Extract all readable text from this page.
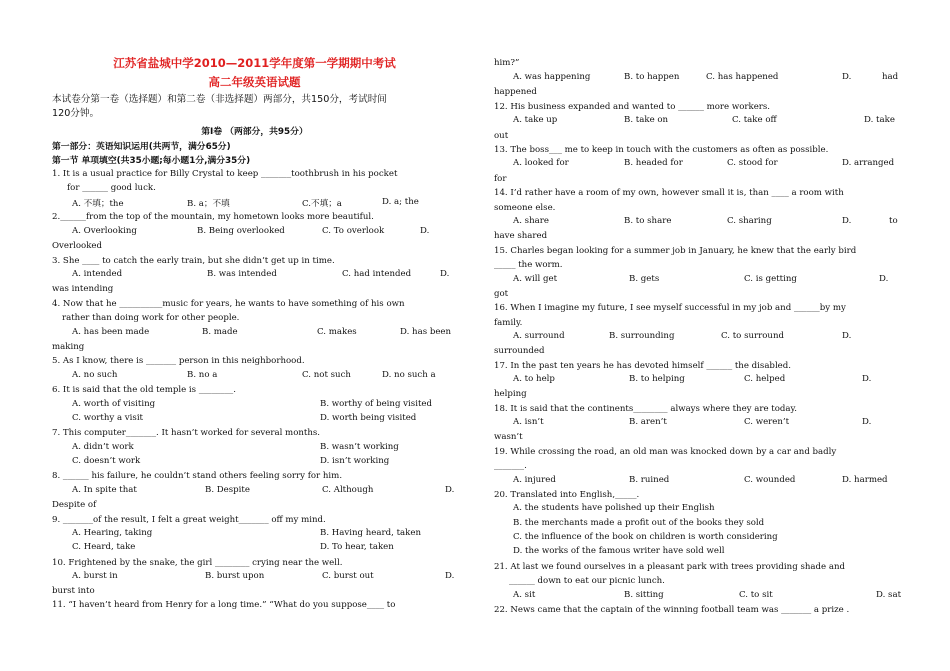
江苏省盐城中学2010—2011学年度第一学期期中考试
高二年级英语试题
本试卷分第一卷（选择题）和第二卷（非选择题）两部分，共150分，考试时间
120分钟。
第Ⅰ卷 （两部分，共95分）
第一部分：英语知识运用(共两节，满分65分)
第一节 单项填空(共35小题;每小题1分,满分35分)
1. It is a usual practice for Billy Crystal to keep _______toothbrush in his pocket
for ______ good luck.
A. 不填；the	B. a；不填	C.不填；a	D. a; the
2.______from the top of the mountain, my hometown looks more beautiful.
A. Overlooking	B. Being overlooked	C. To overlook	D.
Overlooked
3. She ____ to catch the early train, but she didn’t get up in time.
A. intended	B. was intended	C. had intended	D.
was intending
4. Now that he __________music for years, he wants to have something of his own
rather than doing work for other people.
A. has been made	B. made	C. makes	D. has been
making
5. As I know, there is _______ person in this neighborhood.
A. no such	B. no a	C. not such	D. no such a
6. It is said that the old temple is ________.
A. worth of visiting	B. worthy of being visited
C. worthy a visit	D. worth being visited
7. This computer_______. It hasn’t worked for several months.
A. didn’t work	B. wasn’t working
C. doesn’t work	D. isn’t working
8. ______ his failure, he couldn’t stand others feeling sorry for him.
A. In spite that	B. Despite	C. Although	D.
Despite of
9. _______of the result, I felt a great weight_______ off my mind.
A. Hearing, taking	B. Having heard, taken
C. Heard, take	D. To hear, taken
10. Frightened by the snake, the girl ________ crying near the well.
A. burst in	B. burst upon	C. burst out	D.
burst into
11. “I haven’t heard from Henry for a long time.” “What do you suppose____ to
him?”
A. was happening	B. to happen	C. has happened	D.	had
happened
12. His business expanded and wanted to ______ more workers.
A. take up	B. take on	C. take off	D. take
out
13. The boss___ me to keep in touch with the customers as often as possible.
A. looked for	B. headed for	C. stood for	D. arranged
for
14. I’d rather have a room of my own, however small it is, than ____ a room with
someone else.
A. share	B. to share	C. sharing	D.	to
have shared
15. Charles began looking for a summer job in January, he knew that the early bird
_____ the worm.
A. will get	B. gets	C. is getting	D.
got
16. When I imagine my future, I see myself successful in my job and ______by my
family.
A. surround	B. surrounding	C. to surround	D.
surrounded
17. In the past ten years he has devoted himself ______ the disabled.
A. to help	B. to helping	C. helped	D.
helping
18. It is said that the continents________ always where they are today.
A. isn’t	B. aren’t	C. weren’t	D.
wasn’t
19. While crossing the road, an old man was knocked down by a car and badly
_______.
A. injured	B. ruined	C. wounded	D. harmed
20. Translated into English,_____.
A. the students have polished up their English
B. the merchants made a profit out of the books they sold
C. the influence of the book on children is worth considering
D. the works of the famous writer have sold well
21. At last we found ourselves in a pleasant park with trees providing shade and
______ down to eat our picnic lunch.
A. sit	B. sitting	C. to sit	D. sat
22. News came that the captain of the winning football team was _______ a prize .
